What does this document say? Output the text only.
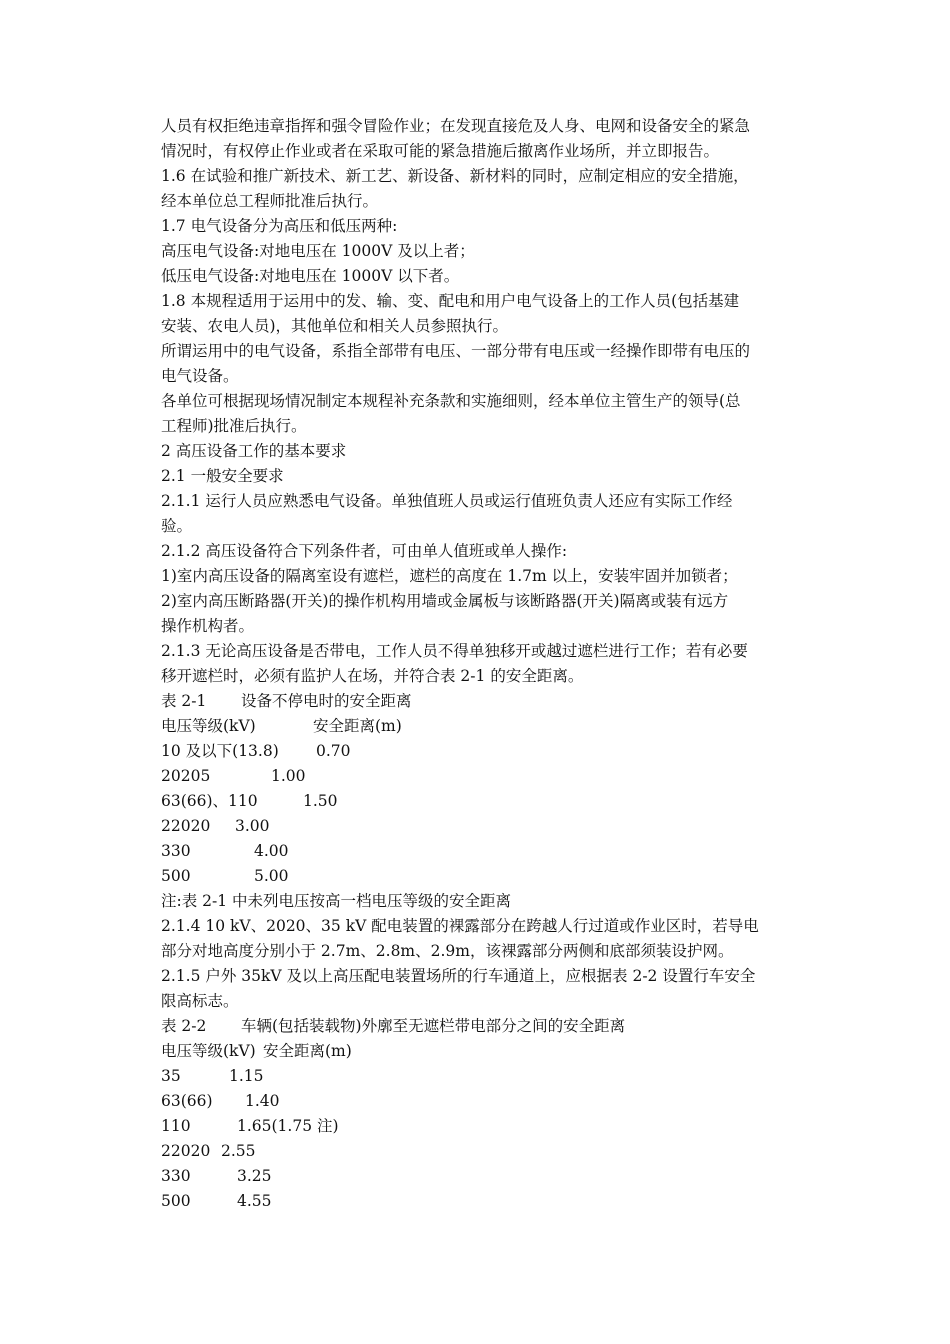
人员有权拒绝违章指挥和强令冒险作业；在发现直接危及人身、电网和设备安全的紧急
情况时，有权停止作业或者在采取可能的紧急措施后撤离作业场所，并立即报告。
1.6 在试验和推广新技术、新工艺、新设备、新材料的同时，应制定相应的安全措施，
经本单位总工程师批准后执行。
1.7 电气设备分为高压和低压两种:
高压电气设备:对地电压在 1000V 及以上者；
低压电气设备:对地电压在 1000V 以下者。
1.8 本规程适用于运用中的发、输、变、配电和用户电气设备上的工作人员(包括基建
安装、农电人员)，其他单位和相关人员参照执行。
所谓运用中的电气设备，系指全部带有电压、一部分带有电压或一经操作即带有电压的
电气设备。
各单位可根据现场情况制定本规程补充条款和实施细则，经本单位主管生产的领导(总
工程师)批准后执行。
2 高压设备工作的基本要求
2.1 一般安全要求
2.1.1 运行人员应熟悉电气设备。单独值班人员或运行值班负责人还应有实际工作经
验。
2.1.2 高压设备符合下列条件者，可由单人值班或单人操作:
1)室内高压设备的隔离室设有遮栏，遮栏的高度在 1.7m 以上，安装牢固并加锁者；
2)室内高压断路器(开关)的操作机构用墙或金属板与该断路器(开关)隔离或装有远方
操作机构者。
2.1.3 无论高压设备是否带电，工作人员不得单独移开或越过遮栏进行工作；若有必要
移开遮栏时，必须有监护人在场，并符合表 2-1 的安全距离。
表 2-1 设备不停电时的安全距离
电压等级(kV)	安全距离(m)
10 及以下(13.8) 0.70
20205	1.00
63(66)、110	1.50
22020 3.00
330	4.00
500	5.00
注:表 2-1 中未列电压按高一档电压等级的安全距离
2.1.4 10 kV、2020、35 kV 配电装置的裸露部分在跨越人行过道或作业区时，若导电
部分对地高度分别小于 2.7m、2.8m、2.9m，该裸露部分两侧和底部须装设护网。
2.1.5 户外 35kV 及以上高压配电装置场所的行车通道上，应根据表 2-2 设置行车安全
限高标志。
表 2-2 车辆(包括装载物)外廓至无遮栏带电部分之间的安全距离
电压等级(kV) 安全距离(m)
35	1.15
63(66) 1.40
110	1.65(1.75 注)
22020 2.55
330	3.25
500	4.55
